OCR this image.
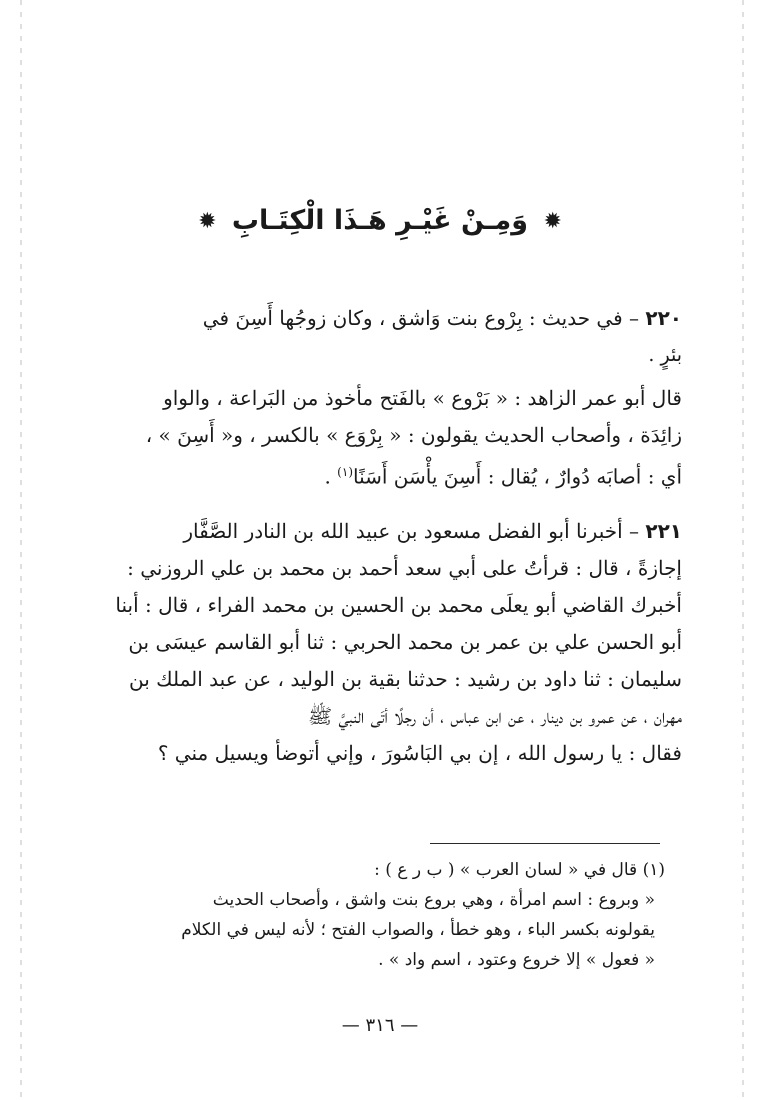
✹ وَمِـنْ غَيْـرِ هَـذَا الْكِتَـابِ ✹
٢٢٠ – في حديث : بِرْوع بنت وَاشق ، وكان زوجُها أَسِنَ في
بئرٍ .
قال أبو عمر الزاهد : « بَرْوع » بالفَتح مأخوذ من البَراعة ، والواو
زائِدَة ، وأصحاب الحديث يقولون : « بِرْوَع » بالكسر ، و« أَسِنَ » ،
أي : أصابَه دُوارٌ ، يُقال : أَسِنَ يأْسَن أَسَنًا$^{(١)}$ .
٢٢١ – أخبرنا أبو الفضل مسعود بن عبيد الله بن النادر الصَّفَّار
إجازةً ، قال : قرأتُ على أبي سعد أحمد بن محمد بن علي الروزني :
أخبرك القاضي أبو يعلَى محمد بن الحسين بن محمد الفراء ، قال : أبنا
أبو الحسن علي بن عمر بن محمد الحربي : ثنا أبو القاسم عيسَى بن
سليمان : ثنا داود بن رشيد : حدثنا بقية بن الوليد ، عن عبد الملك بن
مهران ، عن عمرو بن دينار ، عن ابن عباس ، أن رجلًا أتَى النبيَّ ﷺ
فقال : يا رسول الله ، إن بي البَاسُورَ ، وإني أتوضأ ويسيل مني ؟
(١) قال في « لسان العرب » ( ب ر ع ) :
« وبروع : اسم امرأة ، وهي بروع بنت واشق ، وأصحاب الحديث
يقولونه بكسر الباء ، وهو خطأ ، والصواب الفتح ؛ لأنه ليس في الكلام
« فعول » إلا خروع وعتود ، اسم واد » .
— ٣١٦ —
